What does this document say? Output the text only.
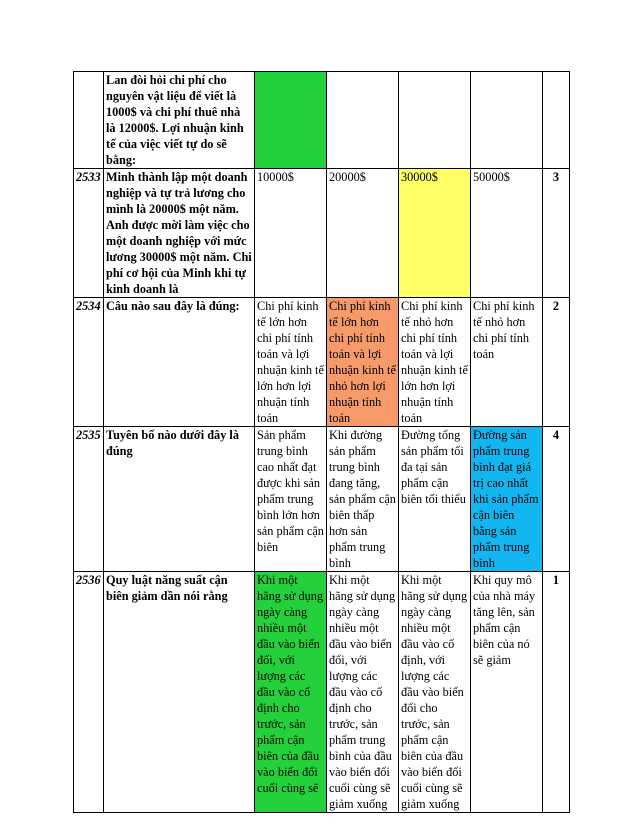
	Lan đòi hỏi chi phí cho nguyên vật liệu để viết là 1000$ và chi phí thuê nhà là 12000$. Lợi nhuận kinh tế của việc viết tự do sẽ bằng:					
2533	Minh thành lập một doanh nghiệp và tự trả lương cho mình là 20000$ một năm. Anh được mời làm việc cho một doanh nghiệp với mức lương 30000$ một năm. Chi phí cơ hội của Minh khi tự kinh doanh là	10000$	20000$	30000$	50000$	3
2534	Câu nào sau đây là đúng:	Chi phí kinh tế lớn hơn chi phí tính toán và lợi nhuận kinh tế lớn hơn lợi nhuận tính toán	Chi phí kinh tế lớn hơn chi phí tính toán và lợi nhuận kinh tế nhỏ hơn lợi nhuận tính toán	Chi phí kinh tế nhỏ hơn chi phí tính toán và lợi nhuận kinh tế lớn hơn lợi nhuận tính toán	Chi phí kinh tế nhỏ hơn chi phí tính toán	2
2535	Tuyên bố nào dưới đây là đúng	Sản phẩm trung bình cao nhất đạt được khi sản phẩm trung bình lớn hơn sản phẩm cận biên	Khi đường sản phẩm trung bình đang tăng, sản phẩm cận biên thấp hơn sản phẩm trung bình	Đường tổng sản phẩm tối đa tại sản phẩm cận biên tối thiểu	Đường sản phẩm trung bình đạt giá trị cao nhất khi sản phẩm cận biên bằng sản phẩm trung bình	4
2536	Quy luật năng suất cận biên giảm dần nói rằng	Khi một hãng sử dụng ngày càng nhiều một đầu vào biến đổi, với lượng các đầu vào cố định cho trước, sản phẩm cận biên của đầu vào biến đổi cuối cùng sẽ	Khi một hãng sử dụng ngày càng nhiều một đầu vào biến đổi, với lượng các đầu vào cố định cho trước, sản phẩm trung bình của đầu vào biến đổi cuối cùng sẽ giảm xuống	Khi một hãng sử dụng ngày càng nhiều một đầu vào cố định, với lượng các đầu vào biến đổi cho trước, sản phẩm cận biên của đầu vào biến đổi cuối cùng sẽ giảm xuống	Khi quy mô của nhà máy tăng lên, sản phẩm cận biên của nó sẽ giảm	1
